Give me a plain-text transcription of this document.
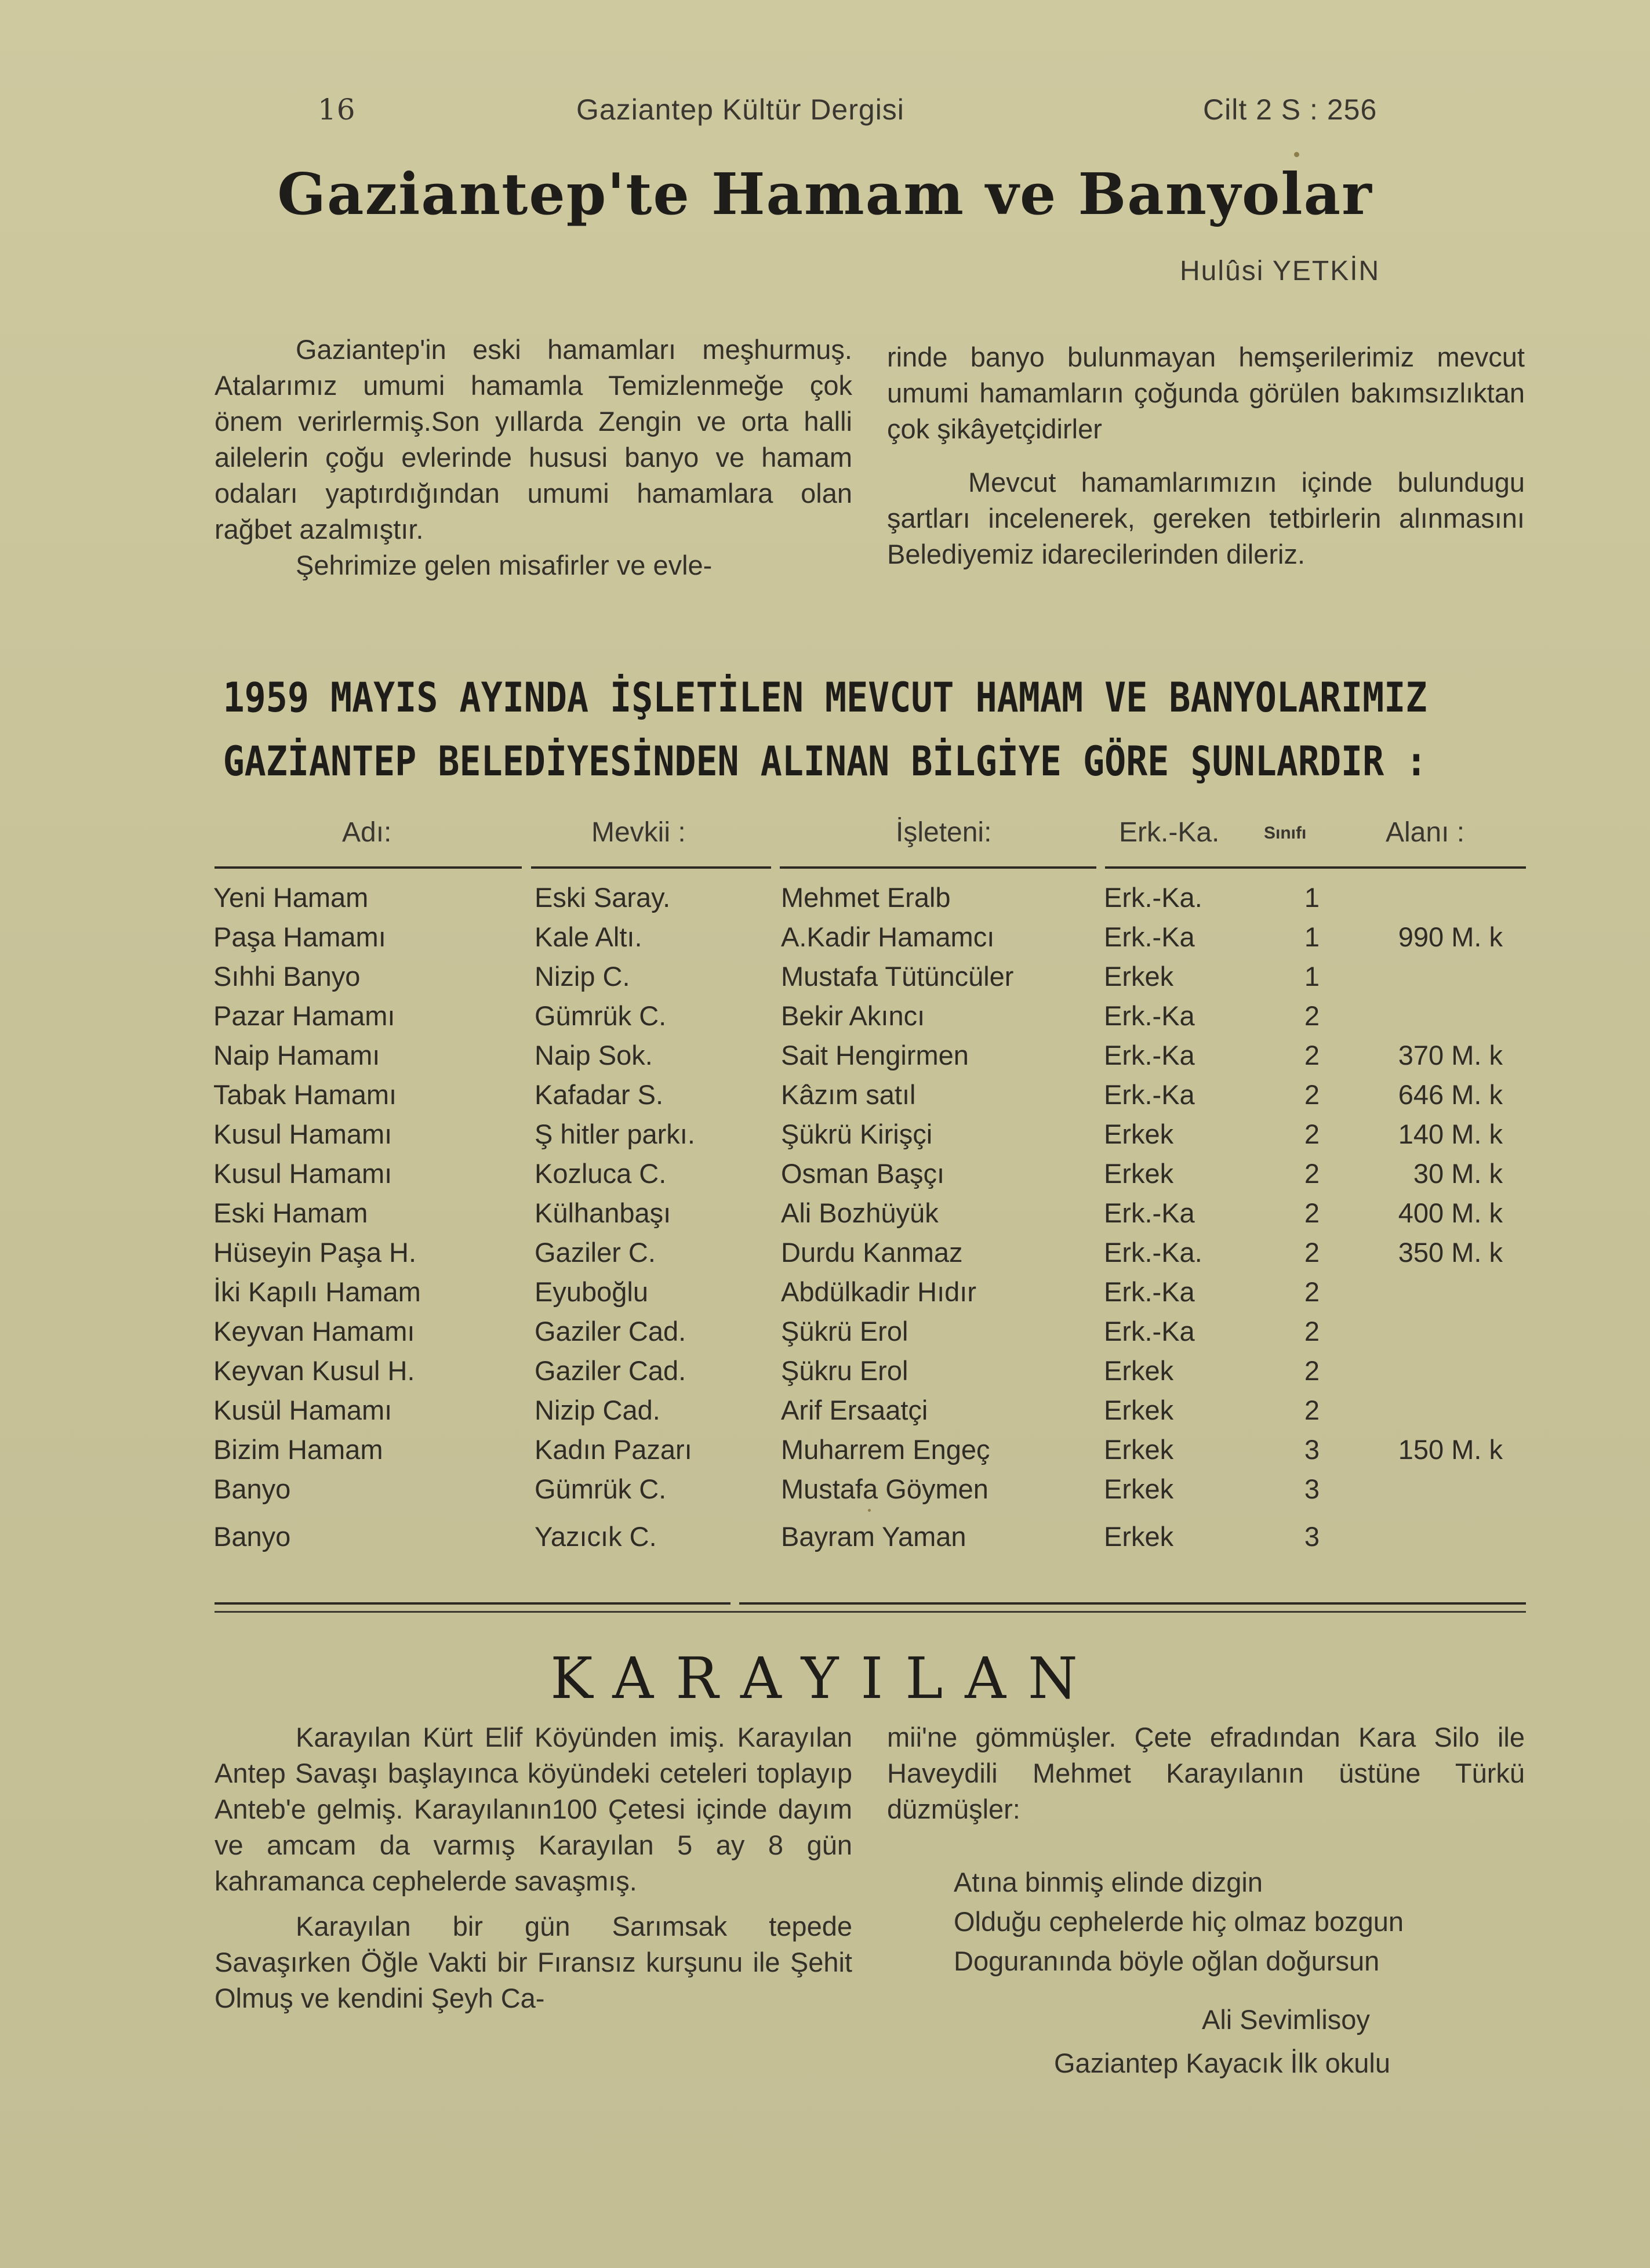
16	Gaziantep Kültür Dergisi	Cilt 2 S : 256
Gaziantep'te Hamam ve Banyolar
Hulûsi YETKİN

Gaziantep'in eski hamamları meşhurmuş. Atalarımız umumi hamamla Temizlenmeğe çok önem verirlermiş.Son yıllarda Zengin ve orta halli ailelerin çoğu evlerinde hususi banyo ve hamam odaları yaptırdığından umumi hamamlara olan rağbet azalmıştır.

Şehrimize gelen misafirler ve evle-

rinde banyo bulunmayan hemşerilerimiz mevcut umumi hamamların çoğunda görülen bakımsızlıktan çok şikâyetçidirler

Mevcut hamamlarımızın içinde bulundugu şartları incelenerek, gereken tetbirlerin alınmasını Belediyemiz idarecilerinden dileriz.

1959 MAYIS AYINDA İŞLETİLEN MEVCUT HAMAM VE BANYOLARIMIZ
GAZİANTEP BELEDİYESİNDEN ALINAN BİLGİYE GÖRE ŞUNLARDIR :
Adı:	Mevkii :	İşleteni:	Erk.-Ka.	Sınıfı	Alanı :
Yeni Hamam	Eski Saray.	Mehmet Eralb	Erk.-Ka.	1
Paşa Hamamı	Kale Altı.	A.Kadir Hamamcı	Erk.-Ka	1	990 M. k
Sıhhi Banyo	Nizip C.	Mustafa Tütüncüler	Erkek	1
Pazar Hamamı	Gümrük C.	Bekir Akıncı	Erk.-Ka	2
Naip Hamamı	Naip Sok.	Sait Hengirmen	Erk.-Ka	2	370 M. k
Tabak Hamamı	Kafadar S.	Kâzım satıl	Erk.-Ka	2	646 M. k
Kusul Hamamı	Ş hitler parkı.	Şükrü Kirişçi	Erkek	2	140 M. k
Kusul Hamamı	Kozluca C.	Osman Başçı	Erkek	2	30 M. k
Eski Hamam	Külhanbaşı	Ali Bozhüyük	Erk.-Ka	2	400 M. k
Hüseyin Paşa H.	Gaziler C.	Durdu Kanmaz	Erk.-Ka.	2	350 M. k
İki Kapılı Hamam	Eyuboğlu	Abdülkadir Hıdır	Erk.-Ka	2
Keyvan Hamamı	Gaziler Cad.	Şükrü Erol	Erk.-Ka	2
Keyvan Kusul H.	Gaziler Cad.	Şükru Erol	Erkek	2
Kusül Hamamı	Nizip Cad.	Arif Ersaatçi	Erkek	2
Bizim Hamam	Kadın Pazarı	Muharrem Engeç	Erkek	3	150 M. k
Banyo	Gümrük C.	Mustafa Göymen	Erkek	3
Banyo	Yazıcık C.	Bayram Yaman	Erkek	3
KARAYILAN

Karayılan Kürt Elif Köyünden imiş. Karayılan Antep Savaşı başlayınca köyündeki ceteleri toplayıp Anteb'e gelmiş. Karayılanın100 Çetesi içinde dayım ve amcam da varmış Karayılan 5 ay 8 gün kahramanca cephelerde savaşmış.

Karayılan bir gün Sarımsak tepede Savaşırken Öğle Vakti bir Fıransız kurşunu ile Şehit Olmuş ve kendini Şeyh Ca-

mii'ne gömmüşler. Çete efradından Kara Silo ile Haveydili Mehmet Karayılanın üstüne Türkü düzmüşler:

Atına binmiş elinde dizgin
Olduğu cephelerde hiç olmaz bozgun
Doguranında böyle oğlan doğursun
Ali Sevimlisoy
Gaziantep Kayacık İlk okulu
